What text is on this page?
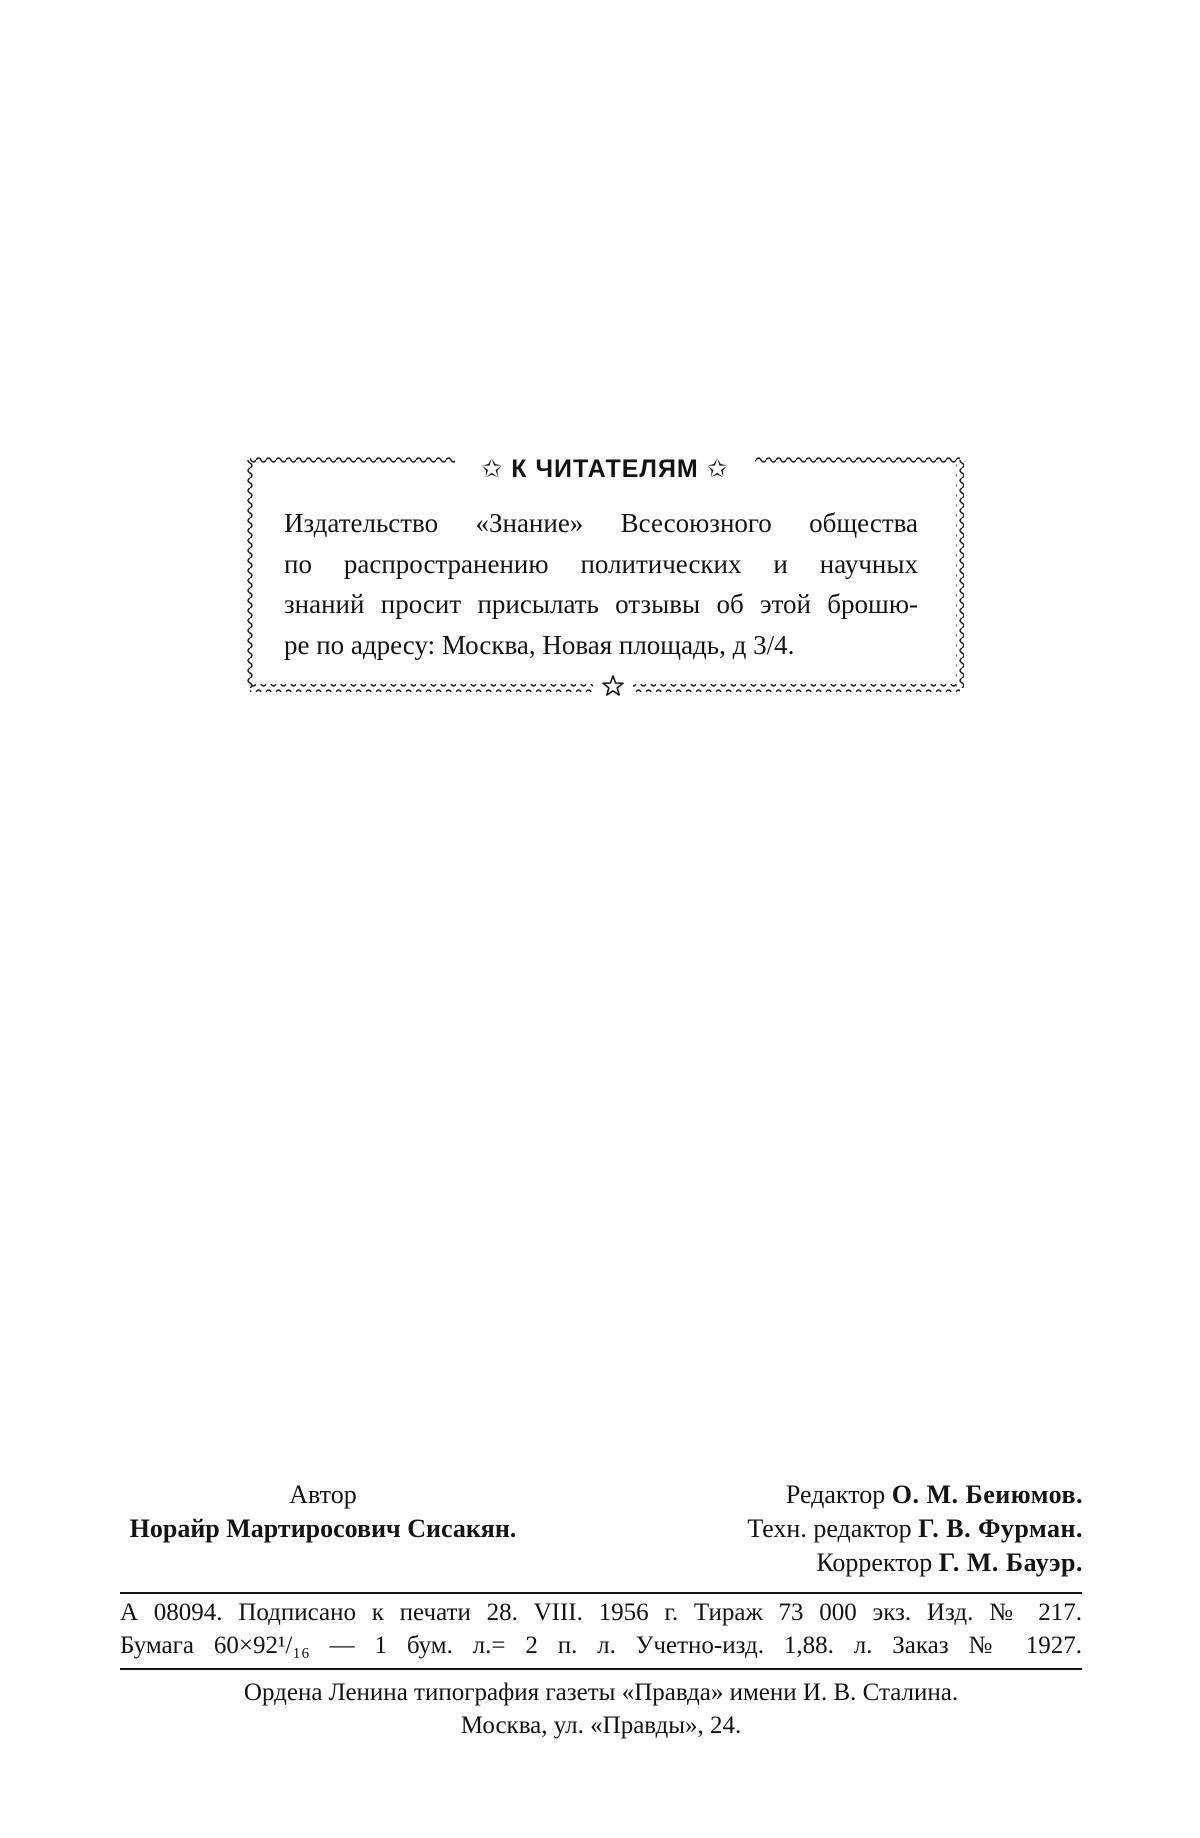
✩ К ЧИТАТЕЛЯМ ✩
Издательство «Знание» Всесоюзного общества
по распространению политических и научных
знаний просит присылать отзывы об этой брошю-
ре по адресу: Москва, Новая площадь, д 3/4.
Автор
Норайр Мартиросович Сисакян.
Редактор О. М. Беиюмов.
Техн. редактор Г. В. Фурман.
Корректор Г. М. Бауэр.
А 08094. Подписано к печати 28. VIII. 1956 г. Тираж 73 000 экз. Изд. № 217.
Бумага 60×92¹/₁₆ — 1 бум. л.= 2 п. л. Учетно-изд. 1,88. л. Заказ № 1927.
Ордена Ленина типография газеты «Правда» имени И. В. Сталина.
Москва, ул. «Правды», 24.
